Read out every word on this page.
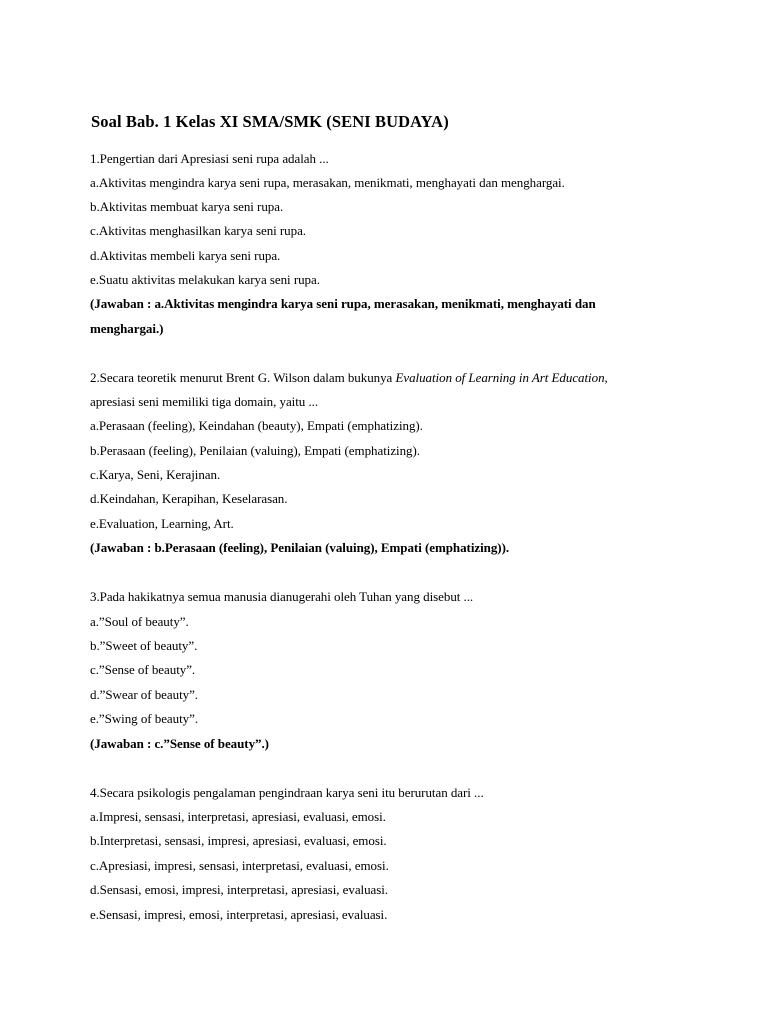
Soal Bab. 1 Kelas XI SMA/SMK (SENI BUDAYA)
1.Pengertian dari Apresiasi seni rupa adalah ...
a.Aktivitas mengindra karya seni rupa, merasakan, menikmati, menghayati dan menghargai.
b.Aktivitas membuat karya seni rupa.
c.Aktivitas menghasilkan karya seni rupa.
d.Aktivitas membeli karya seni rupa.
e.Suatu aktivitas melakukan karya seni rupa.
(Jawaban : a.Aktivitas mengindra karya seni rupa, merasakan, menikmati, menghayati dan
menghargai.)
2.Secara teoretik menurut Brent G. Wilson dalam bukunya Evaluation of Learning in Art Education,
apresiasi seni memiliki tiga domain, yaitu ...
a.Perasaan (feeling), Keindahan (beauty), Empati (emphatizing).
b.Perasaan (feeling), Penilaian (valuing), Empati (emphatizing).
c.Karya, Seni, Kerajinan.
d.Keindahan, Kerapihan, Keselarasan.
e.Evaluation, Learning, Art.
(Jawaban : b.Perasaan (feeling), Penilaian (valuing), Empati (emphatizing)).
3.Pada hakikatnya semua manusia dianugerahi oleh Tuhan yang disebut ...
a.”Soul of beauty”.
b.”Sweet of beauty”.
c.”Sense of beauty”.
d.”Swear of beauty”.
e.”Swing of beauty”.
(Jawaban : c.”Sense of beauty”.)
4.Secara psikologis pengalaman pengindraan karya seni itu berurutan dari ...
a.Impresi, sensasi, interpretasi, apresiasi, evaluasi, emosi.
b.Interpretasi, sensasi, impresi, apresiasi, evaluasi, emosi.
c.Apresiasi, impresi, sensasi, interpretasi, evaluasi, emosi.
d.Sensasi, emosi, impresi, interpretasi, apresiasi, evaluasi.
e.Sensasi, impresi, emosi, interpretasi, apresiasi, evaluasi.
